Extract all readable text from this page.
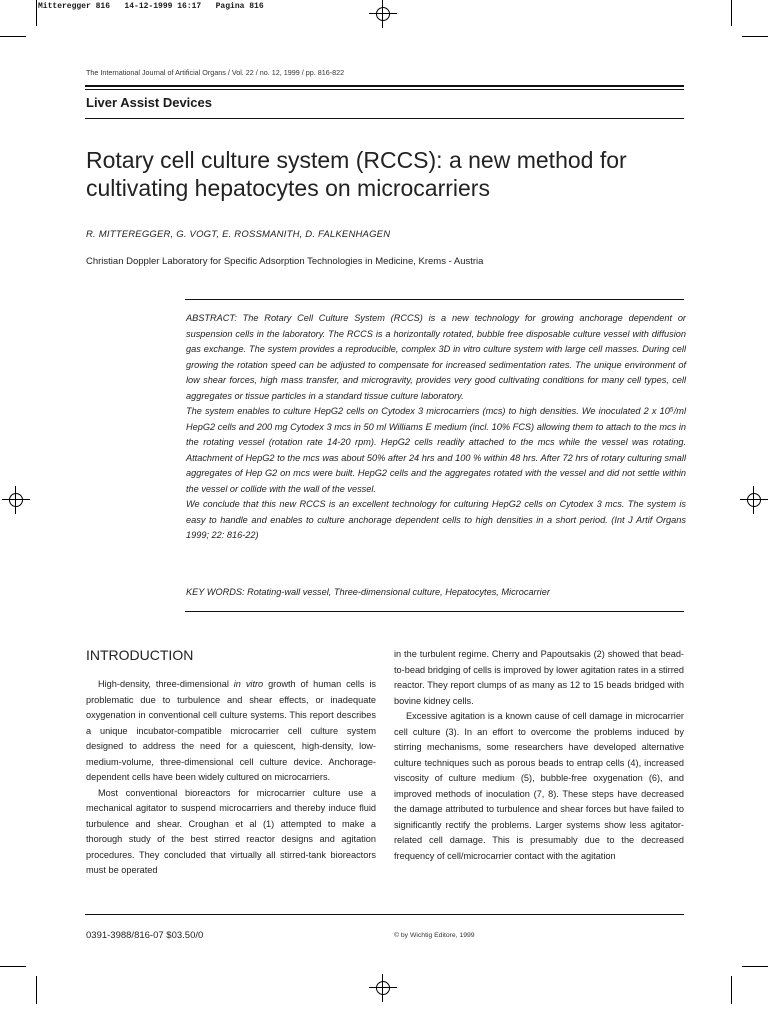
Mitteregger 816   14-12-1999 16:17   Pagina 816
The International Journal of Artificial Organs / Vol. 22 / no. 12, 1999 / pp. 816-822
Liver Assist Devices
Rotary cell culture system (RCCS): a new method for cultivating hepatocytes on microcarriers
R. MITTEREGGER, G. VOGT, E. ROSSMANITH, D. FALKENHAGEN
Christian Doppler Laboratory for Specific Adsorption Technologies in Medicine, Krems - Austria

ABSTRACT: The Rotary Cell Culture System (RCCS) is a new technology for growing anchorage dependent or suspension cells in the laboratory. The RCCS is a horizontally rotated, bubble free disposable culture vessel with diffusion gas exchange. The system provides a reproducible, complex 3D in vitro culture system with large cell masses. During cell growing the rotation speed can be adjusted to compensate for increased sedimentation rates. The unique environment of low shear forces, high mass transfer, and microgravity, provides very good cultivating conditions for many cell types, cell aggregates or tissue particles in a standard tissue culture laboratory.

The system enables to culture HepG2 cells on Cytodex 3 microcarriers (mcs) to high densities. We inoculated 2 x 10⁵/ml HepG2 cells and 200 mg Cytodex 3 mcs in 50 ml Williams E medium (incl. 10% FCS) allowing them to attach to the mcs in the rotating vessel (rotation rate 14-20 rpm). HepG2 cells readily attached to the mcs while the vessel was rotating. Attachment of HepG2 to the mcs was about 50% after 24 hrs and 100 % within 48 hrs. After 72 hrs of rotary culturing small aggregates of Hep G2 on mcs were built. HepG2 cells and the aggregates rotated with the vessel and did not settle within the vessel or collide with the wall of the vessel.

We conclude that this new RCCS is an excellent technology for culturing HepG2 cells on Cytodex 3 mcs. The system is easy to handle and enables to culture anchorage dependent cells to high densities in a short period. (Int J Artif Organs 1999; 22: 816-22)

KEY WORDS: Rotating-wall vessel, Three-dimensional culture, Hepatocytes, Microcarrier
INTRODUCTION

High-density, three-dimensional in vitro growth of human cells is problematic due to turbulence and shear effects, or inadequate oxygenation in conventional cell culture systems. This report describes a unique incubator-compatible microcarrier cell culture system designed to address the need for a quiescent, high-density, low-medium-volume, three-dimensional cell culture device. Anchorage-dependent cells have been widely cultured on microcarriers.

Most conventional bioreactors for microcarrier culture use a mechanical agitator to suspend microcarriers and thereby induce fluid turbulence and shear. Croughan et al (1) attempted to make a thorough study of the best stirred reactor designs and agitation procedures. They concluded that virtually all stirred-tank bioreactors must be operated

in the turbulent regime. Cherry and Papoutsakis (2) showed that bead-to-bead bridging of cells is improved by lower agitation rates in a stirred reactor. They report clumps of as many as 12 to 15 beads bridged with bovine kidney cells.

Excessive agitation is a known cause of cell damage in microcarrier cell culture (3). In an effort to overcome the problems induced by stirring mechanisms, some researchers have developed alternative culture techniques such as porous beads to entrap cells (4), increased viscosity of culture medium (5), bubble-free oxygenation (6), and improved methods of inoculation (7, 8). These steps have decreased the damage attributed to turbulence and shear forces but have failed to significantly rectify the problems. Larger systems show less agitator-related cell damage. This is presumably due to the decreased frequency of cell/microcarrier contact with the agitation

0391-3988/816-07 $03.50/0	© by Wichtig Editore, 1999
